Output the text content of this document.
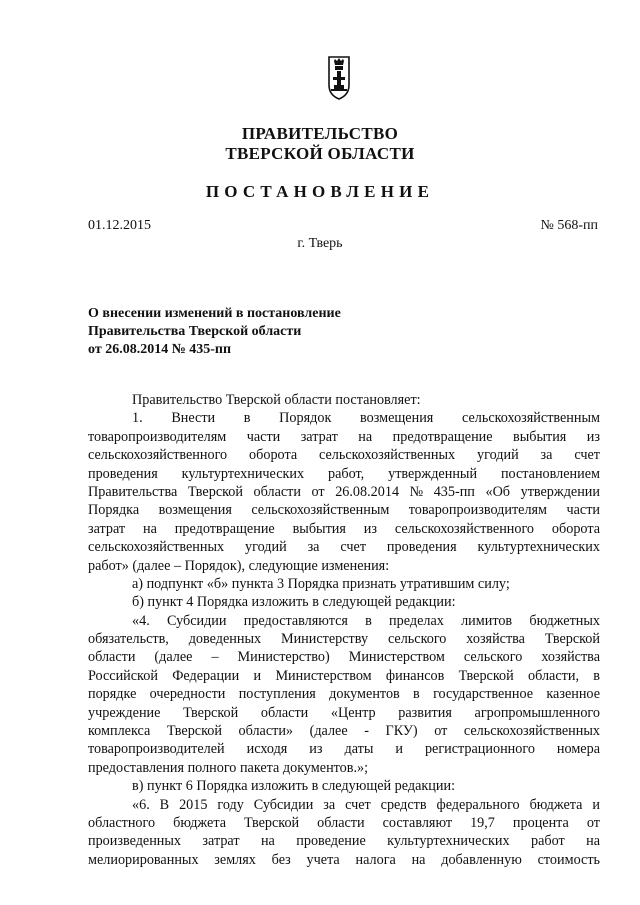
ПРАВИТЕЛЬСТВО
ТВЕРСКОЙ ОБЛАСТИ
ПОСТАНОВЛЕНИЕ
01.12.2015	№ 568-пп
г. Тверь
О внесении изменений в постановление
Правительства Тверской области
от 26.08.2014 № 435-пп
Правительство Тверской области постановляет:
1. Внести в Порядок возмещения сельскохозяйственным
товаропроизводителям части затрат на предотвращение выбытия из
сельскохозяйственного оборота сельскохозяйственных угодий за счет
проведения культуртехнических работ, утвержденный постановлением
Правительства Тверской области от 26.08.2014 № 435-пп «Об утверждении
Порядка возмещения сельскохозяйственным товаропроизводителям части
затрат на предотвращение выбытия из сельскохозяйственного оборота
сельскохозяйственных угодий за счет проведения культуртехнических
работ» (далее – Порядок), следующие изменения:
а) подпункт «б» пункта 3 Порядка признать утратившим силу;
б) пункт 4 Порядка изложить в следующей редакции:
«4. Субсидии предоставляются в пределах лимитов бюджетных
обязательств, доведенных Министерству сельского хозяйства Тверской
области (далее – Министерство) Министерством сельского хозяйства
Российской Федерации и Министерством финансов Тверской области, в
порядке очередности поступления документов в государственное казенное
учреждение Тверской области «Центр развития агропромышленного
комплекса Тверской области» (далее - ГКУ) от сельскохозяйственных
товаропроизводителей исходя из даты и регистрационного номера
предоставления полного пакета документов.»;
в) пункт 6 Порядка изложить в следующей редакции:
«6. В 2015 году Субсидии за счет средств федерального бюджета и
областного бюджета Тверской области составляют 19,7 процента от
произведенных затрат на проведение культуртехнических работ на
мелиорированных землях без учета налога на добавленную стоимость
